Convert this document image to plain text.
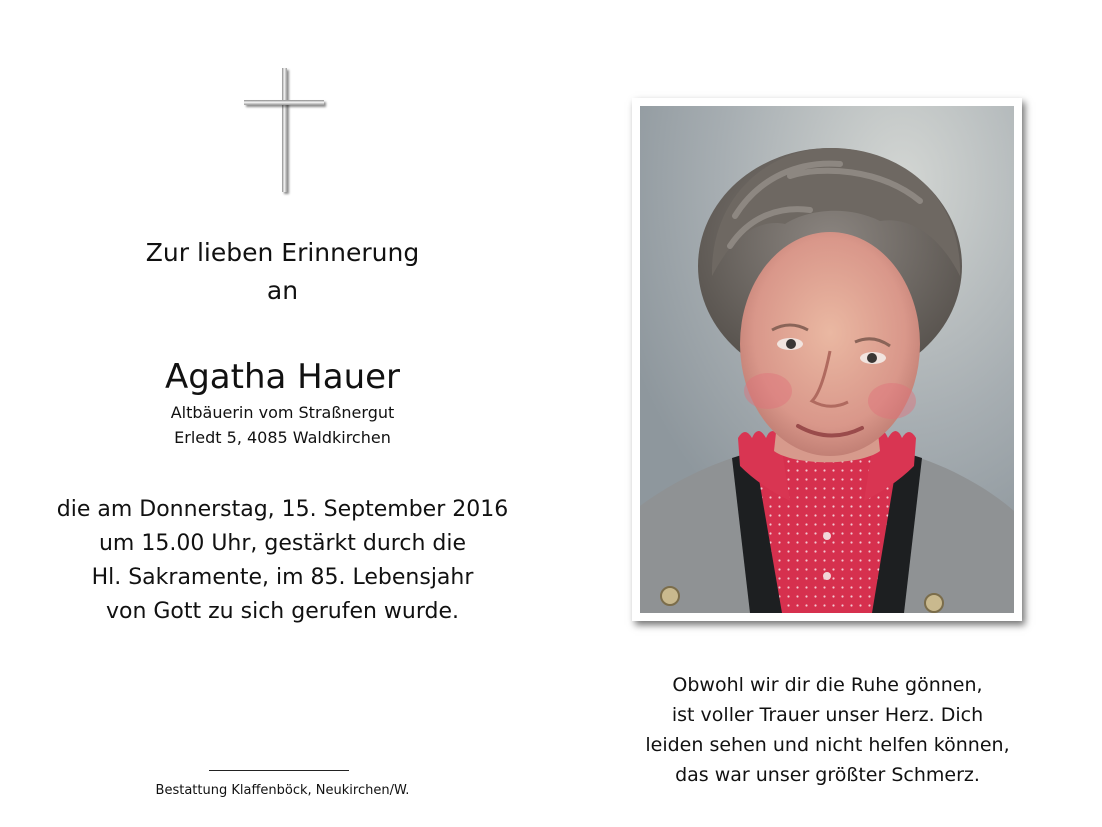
Zur lieben Erinnerung
an
Agatha Hauer
Altbäuerin vom Straßnergut
Erledt 5, 4085 Waldkirchen
die am Donnerstag, 15. September 2016
um 15.00 Uhr, gestärkt durch die
Hl. Sakramente, im 85. Lebensjahr
von Gott zu sich gerufen wurde.
Bestattung Klaffenböck, Neukirchen/W.
Obwohl wir dir die Ruhe gönnen,
ist voller Trauer unser Herz. Dich
leiden sehen und nicht helfen können,
das war unser größter Schmerz.
